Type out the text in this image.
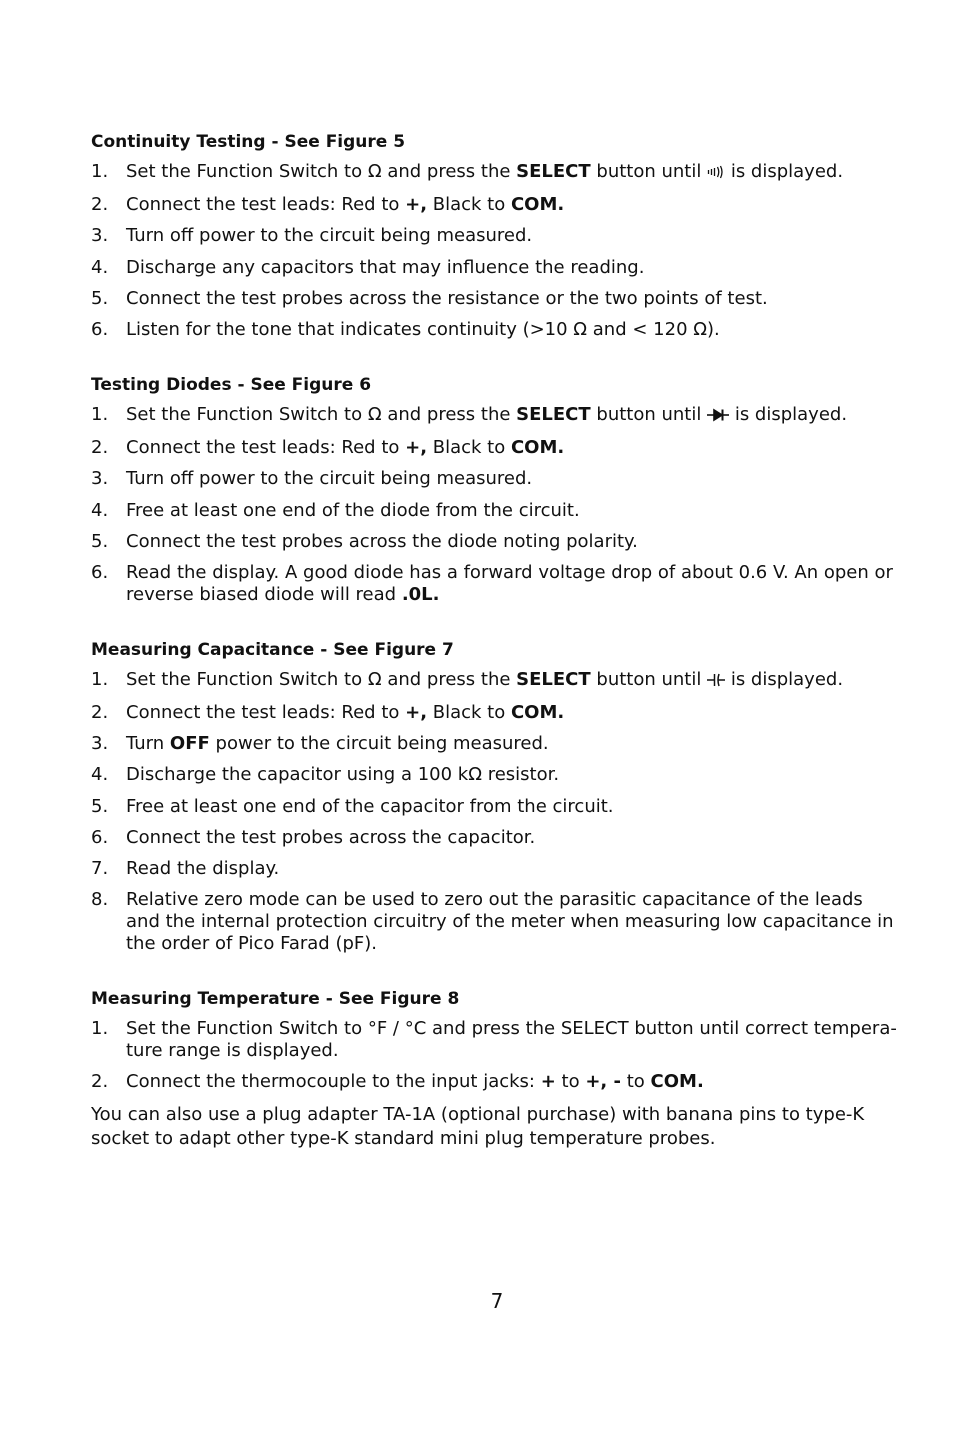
Continuity Testing - See Figure 5
1. Set the Function Switch to Ω and press the SELECT button until  is displayed.
2. Connect the test leads: Red to +, Black to COM.
3. Turn off power to the circuit being measured.
4. Discharge any capacitors that may influence the reading.
5. Connect the test probes across the resistance or the two points of test.
6. Listen for the tone that indicates continuity (>10 Ω and < 120 Ω).
Testing Diodes - See Figure 6
1. Set the Function Switch to Ω and press the SELECT button until  is displayed.
2. Connect the test leads: Red to +, Black to COM.
3. Turn off power to the circuit being measured.
4. Free at least one end of the diode from the circuit.
5. Connect the test probes across the diode noting polarity.
6. Read the display. A good diode has a forward voltage drop of about 0.6 V. An open or reverse biased diode will read .0L.
Measuring Capacitance - See Figure 7
1. Set the Function Switch to Ω and press the SELECT button until  is displayed.
2. Connect the test leads: Red to +, Black to COM.
3. Turn OFF power to the circuit being measured.
4. Discharge the capacitor using a 100 kΩ resistor.
5. Free at least one end of the capacitor from the circuit.
6. Connect the test probes across the capacitor.
7. Read the display.
8. Relative zero mode can be used to zero out the parasitic capacitance of the leads and the internal protection circuitry of the meter when measuring low capacitance in the order of Pico Farad (pF).
Measuring Temperature - See Figure 8
1. Set the Function Switch to °F / °C and press the SELECT button until correct tempera-ture range is displayed.
2. Connect the thermocouple to the input jacks: + to +, - to COM.

You can also use a plug adapter TA-1A (optional purchase) with banana pins to type-K socket to adapt other type-K standard mini plug temperature probes.

7
